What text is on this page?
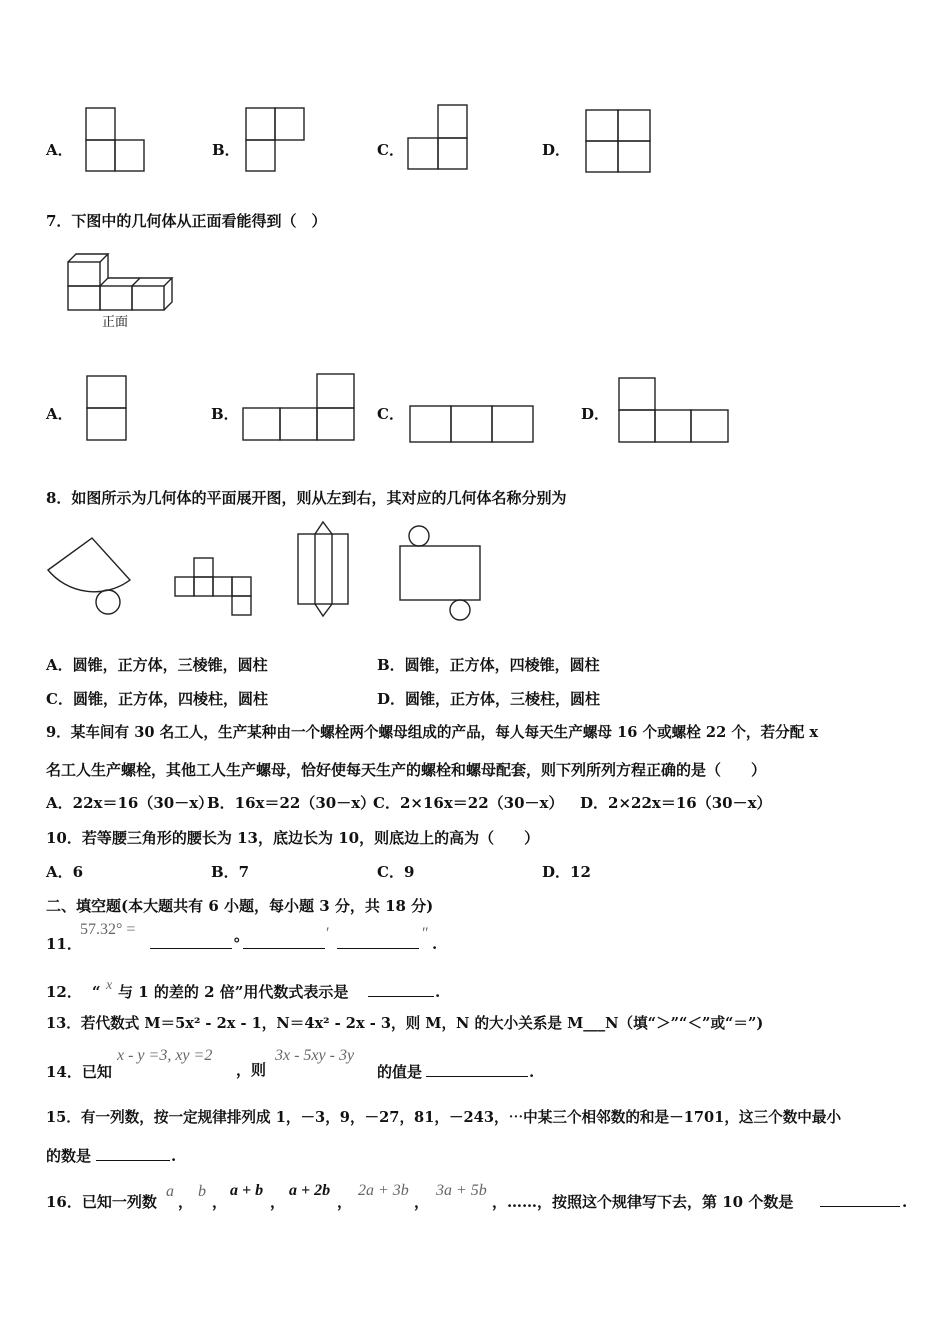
A．	B．	C．	D．
7．下图中的几何体从正面看能得到（　）
正面
A．	B．	C．	D．
8．如图所示为几何体的平面展开图，则从左到右，其对应的几何体名称分别为
A．圆锥，正方体，三棱锥，圆柱	B．圆锥，正方体，四棱锥，圆柱
C．圆锥，正方体，四棱柱，圆柱	D．圆锥，正方体，三棱柱，圆柱
9．某车间有 30 名工人，生产某种由一个螺栓两个螺母组成的产品，每人每天生产螺母 16 个或螺栓 22 个，若分配 x
名工人生产螺栓，其他工人生产螺母，恰好使每天生产的螺栓和螺母配套，则下列所列方程正确的是（　　）
A．22x＝16（30－x）
B．16x＝22（30－x）
C．2×16x＝22（30－x） D．2×22x＝16（30－x）
10．若等腰三角形的腰长为 13，底边长为 10，则底边上的高为（　　）
A．6	B．7	C．9	D．12
二、填空题(本大题共有 6 小题，每小题 3 分，共 18 分)
11．
57.32° =
°
′	″
.
12． “ x 与 1 的差的 2 倍”用代数式表示是	.
13．若代数式 M＝5x² - 2x - 1，N＝4x² - 2x - 3，则 M，N 的大小关系是 M___N（填“＞”“＜”或“＝”)
14．已知
x - y =3, xy =2
，则
3x - 5xy - 3y
的值是	.
15．有一列数，按一定规律排列成 1，－3，9，－27，81，－243，⋯中某三个相邻数的和是－1701，这三个数中最小
的数是	.
16．已知一列数
a
，
b
，
a + b
，
a + 2b
，
2a + 3b
，
3a + 5b
，……，按照这个规律写下去，第 10 个数是	.
